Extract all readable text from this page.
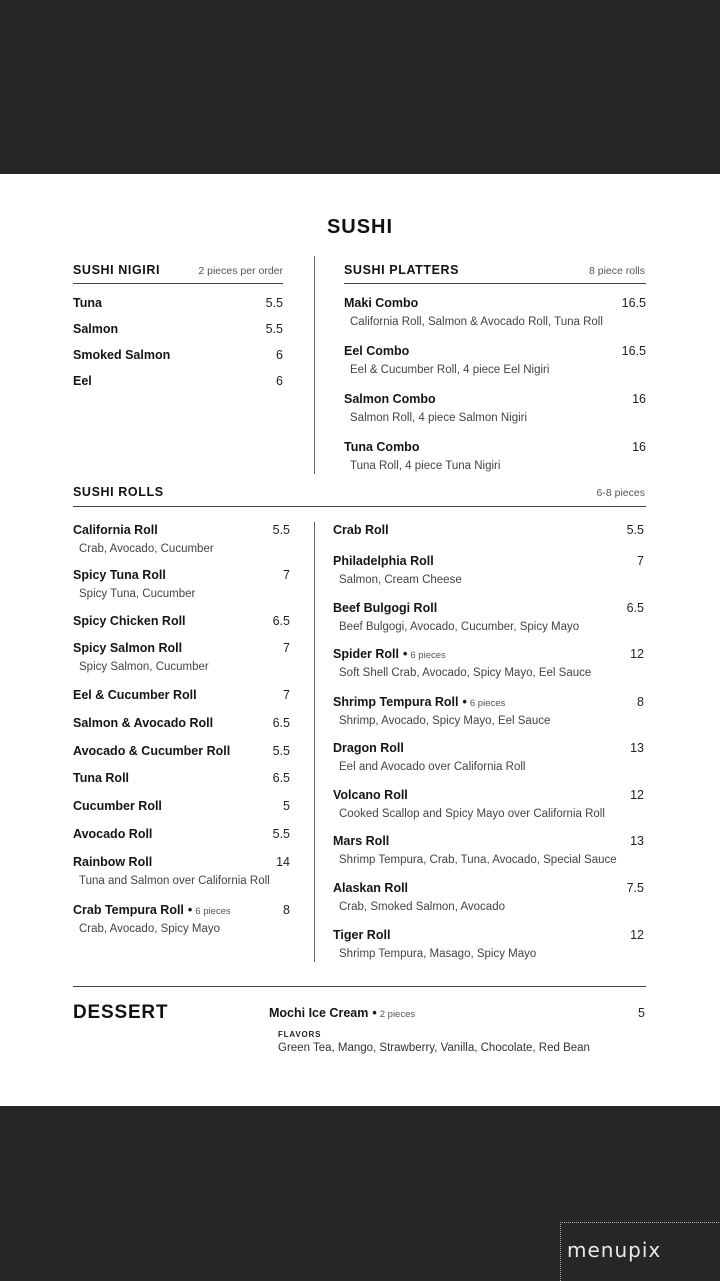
SUSHI
SUSHI NIGIRI	2 pieces per order
Tuna	5.5
Salmon	5.5
Smoked Salmon	6
Eel	6
SUSHI PLATTERS	8 piece rolls
Maki Combo	16.5
California Roll, Salmon & Avocado Roll, Tuna Roll
Eel Combo	16.5
Eel & Cucumber Roll, 4 piece Eel Nigiri
Salmon Combo	16
Salmon Roll, 4 piece Salmon Nigiri
Tuna Combo	16
Tuna Roll, 4 piece Tuna Nigiri
SUSHI ROLLS	6-8 pieces
California Roll	5.5
Crab, Avocado, Cucumber
Spicy Tuna Roll	7
Spicy Tuna, Cucumber
Spicy Chicken Roll	6.5
Spicy Salmon Roll	7
Spicy Salmon, Cucumber
Eel & Cucumber Roll	7
Salmon & Avocado Roll	6.5
Avocado & Cucumber Roll	5.5
Tuna Roll	6.5
Cucumber Roll	5
Avocado Roll	5.5
Rainbow Roll	14
Tuna and Salmon over California Roll
Crab Tempura Roll • 6 pieces	8
Crab, Avocado, Spicy Mayo
Crab Roll	5.5
Philadelphia Roll	7
Salmon, Cream Cheese
Beef Bulgogi Roll	6.5
Beef Bulgogi, Avocado, Cucumber, Spicy Mayo
Spider Roll • 6 pieces	12
Soft Shell Crab, Avocado, Spicy Mayo, Eel Sauce
Shrimp Tempura Roll • 6 pieces	8
Shrimp, Avocado, Spicy Mayo, Eel Sauce
Dragon Roll	13
Eel and Avocado over California Roll
Volcano Roll	12
Cooked Scallop and Spicy Mayo over California Roll
Mars Roll	13
Shrimp Tempura, Crab, Tuna, Avocado, Special Sauce
Alaskan Roll	7.5
Crab, Smoked Salmon, Avocado
Tiger Roll	12
Shrimp Tempura, Masago, Spicy Mayo
DESSERT	Mochi Ice Cream • 2 pieces	5
FLAVORS
Green Tea, Mango, Strawberry, Vanilla, Chocolate, Red Bean
menupix
